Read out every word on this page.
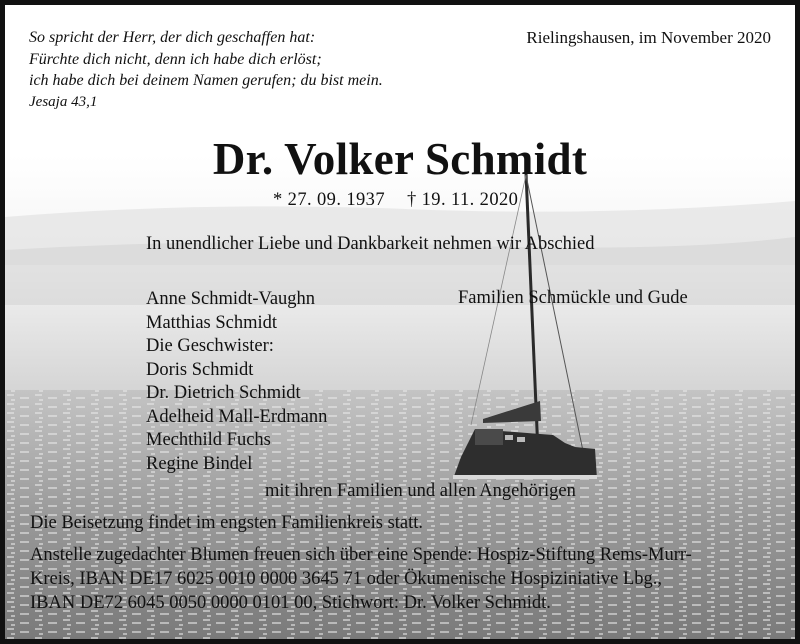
So spricht der Herr, der dich geschaffen hat:
Fürchte dich nicht, denn ich habe dich erlöst;
ich habe dich bei deinem Namen gerufen; du bist mein.
Jesaja 43,1
Rielingshausen, im November 2020
Dr. Volker Schmidt
* 27. 09. 1937 † 19. 11. 2020
In unendlicher Liebe und Dankbarkeit nehmen wir Abschied
Anne Schmidt-Vaughn
Matthias Schmidt
Die Geschwister:
Doris Schmidt
Dr. Dietrich Schmidt
Adelheid Mall-Erdmann
Mechthild Fuchs
Regine Bindel
Familien Schmückle und Gude
mit ihren Familien und allen Angehörigen
Die Beisetzung findet im engsten Familienkreis statt.
Anstelle zugedachter Blumen freuen sich über eine Spende: Hospiz-Stiftung Rems-Murr-
Kreis, IBAN DE17 6025 0010 0000 3645 71 oder Ökumenische Hospiziniative Lbg.,
IBAN DE72 6045 0050 0000 0101 00, Stichwort: Dr. Volker Schmidt.
